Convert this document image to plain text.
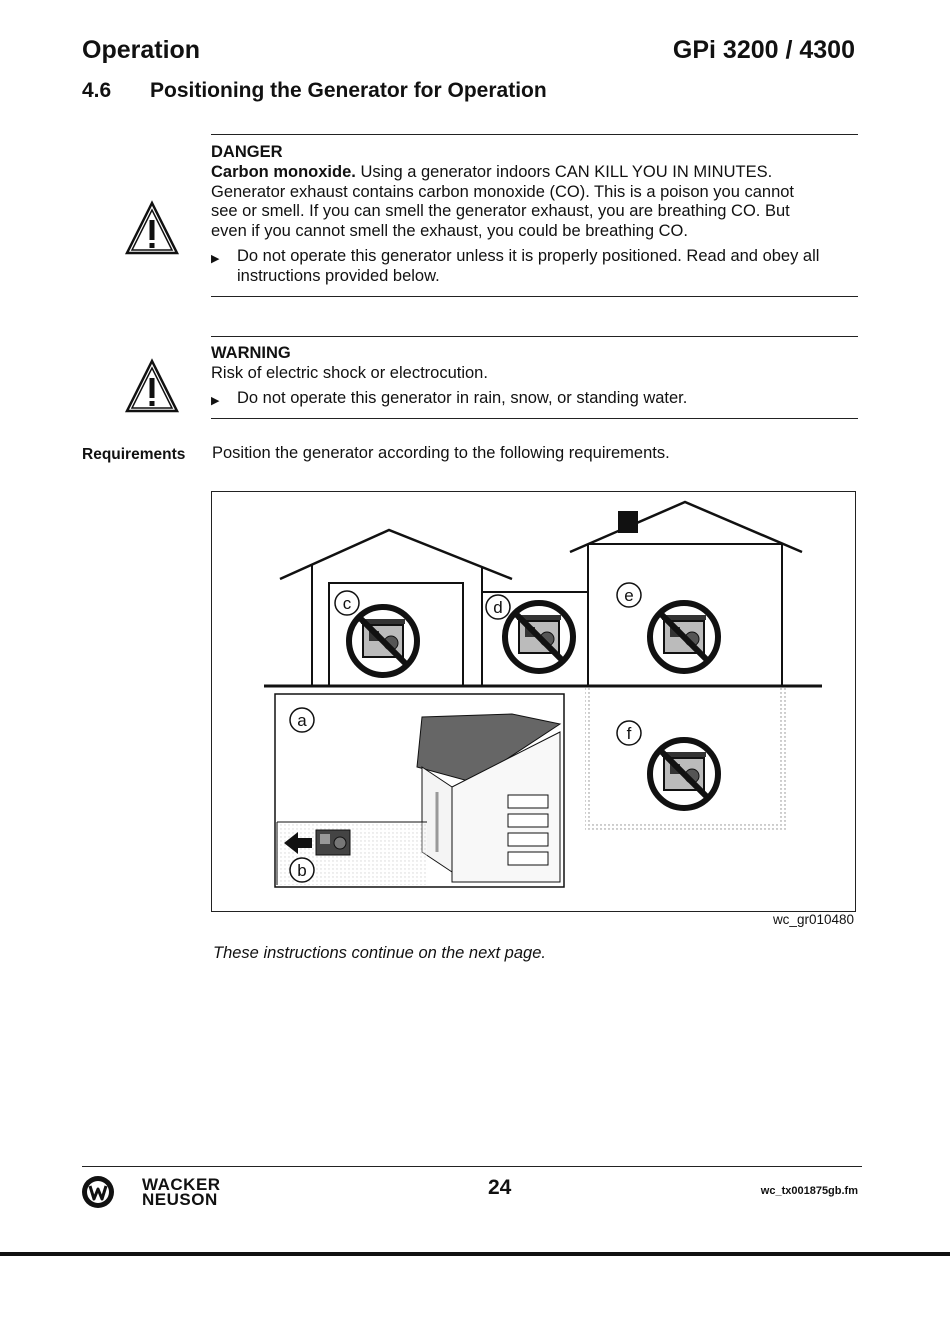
Operation	GPi 3200 / 4300
4.6 Positioning the Generator for Operation
DANGER
Carbon monoxide. Using a generator indoors CAN KILL YOU IN MINUTES.
Generator exhaust contains carbon monoxide (CO). This is a poison you cannot
see or smell. If you can smell the generator exhaust, you are breathing CO. But
even if you cannot smell the exhaust, you could be breathing CO.
▶	Do not operate this generator unless it is properly positioned. Read and obey all
instructions provided below.
WARNING
Risk of electric shock or electrocution.
▶	Do not operate this generator in rain, snow, or standing water.
Requirements Position the generator according to the following requirements.
a
b
c	d
e
f
wc_gr010480
These instructions continue on the next page.
WACKER
NEUSON
24	wc_tx001875gb.fm
